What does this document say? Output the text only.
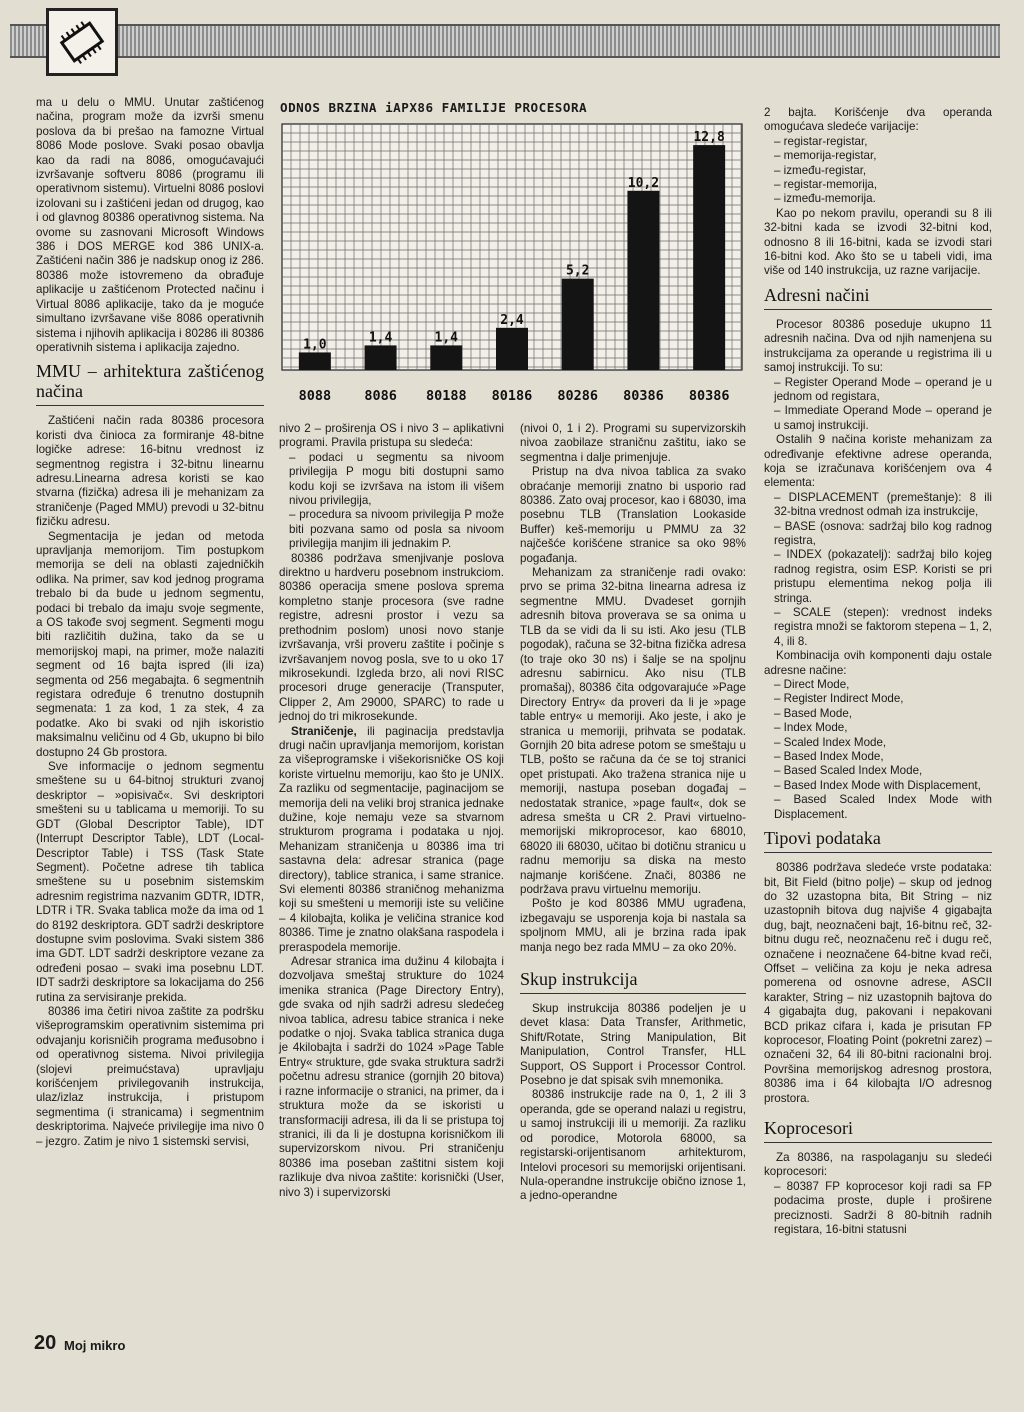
ma u delu o MMU. Unutar zaštićenog načina, program može da izvrši smenu poslova da bi prešao na famozne Virtual 8086 Mode poslove. Svaki posao obavlja kao da radi na 8086, omogućavajući izvršavanje softveru 8086 (programu ili operativnom sistemu). Virtuelni 8086 poslovi izolovani su i zaštićeni jedan od drugog, kao i od glavnog 80386 operativnog sistema. Na ovome su zasnovani Microsoft Windows 386 i DOS MERGE kod 386 UNIX-a. Zaštićeni način 386 je nadskup onog iz 286. 80386 može istovremeno da obrađuje aplikacije u zaštićenom Protected načinu i Virtual 8086 aplikacije, tako da je moguće simultano izvršavane više 8086 operativnih sistema i njihovih aplikacija i 80286 ili 80386 operativnih sistema i aplikacija zajedno.

MMU – arhitektura zaštićenog načina

Zaštićeni način rada 80386 procesora koristi dva činioca za formiranje 48-bitne logičke adrese: 16-bitnu vrednost iz segmentnog registra i 32-bitnu linearnu adresu.Linearna adresa koristi se kao stvarna (fizička) adresa ili je mehanizam za straničenje (Paged MMU) prevodi u 32-bitnu fizičku adresu.

Segmentacija je jedan od metoda upravljanja memorijom. Tim postupkom memorija se deli na oblasti zajedničkih odlika. Na primer, sav kod jednog programa trebalo bi da bude u jednom segmentu, podaci bi trebalo da imaju svoje segmente, a OS takođe svoj segment. Segmenti mogu biti različitih dužina, tako da se u memorijskoj mapi, na primer, može nalaziti segment od 16 bajta ispred (ili iza) segmenta od 256 megabajta. 6 segmentnih registara određuje 6 trenutno dostupnih segmenata: 1 za kod, 1 za stek, 4 za podatke. Ako bi svaki od njih iskoristio maksimalnu veličinu od 4 Gb, ukupno bi bilo dostupno 24 Gb prostora.

Sve informacije o jednom segmentu smeštene su u 64-bitnoj strukturi zvanoj deskriptor – »opisivač«. Svi deskriptori smešteni su u tablicama u memoriji. To su GDT (Global Descriptor Table), IDT (Interrupt Descriptor Table), LDT (Local-Descriptor Table) i TSS (Task State Segment). Početne adrese tih tablica smeštene su u posebnim sistemskim adresnim registrima nazvanim GDTR, IDTR, LDTR i TR. Svaka tablica može da ima od 1 do 8192 deskriptora. GDT sadrži deskriptore dostupne svim poslovima. Svaki sistem 386 ima GDT. LDT sadrži deskriptore vezane za određeni posao – svaki ima posebnu LDT. IDT sadrži deskriptore sa lokacijama do 256 rutina za servisiranje prekida.

80386 ima četiri nivoa zaštite za podršku višeprogramskim operativnim sistemima pri odvajanju korisničih programa međusobno i od operativnog sistema. Nivoi privilegija (slojevi preimućstava) upravljaju korišćenjem privilegovanih instrukcija, ulaz/izlaz instrukcija, i pristupom segmentima (i stranicama) i segmentnim deskriptorima. Najveće privilegije ima nivo 0 – jezgro. Zatim je nivo 1 sistemski servisi,

ODNOS BRZINA iAPX86 FAMILIJE PROCESORA
1,0
8088
1,4
8086
1,4
80188
2,4
80186
5,2
80286
10,2
80386
12,8
80386

nivo 2 – proširenja OS i nivo 3 – aplikativni programi. Pravila pristupa su sledeća:

– podaci u segmentu sa nivoom privilegija P mogu biti dostupni samo kodu koji se izvršava na istom ili višem nivou privilegija,

– procedura sa nivoom privilegija P može biti pozvana samo od posla sa nivoom privilegija manjim ili jednakim P.

80386 podržava smenjivanje poslova direktno u hardveru posebnom instrukciom. 80386 operacija smene poslova sprema kompletno stanje procesora (sve radne registre, adresni prostor i vezu sa prethodnim poslom) unosi novo stanje izvršavanja, vrši proveru zaštite i počinje s izvršavanjem novog posla, sve to u oko 17 mikrosekundi. Izgleda brzo, ali novi RISC procesori druge generacije (Transputer, Clipper 2, Am 29000, SPARC) to rade u jednoj do tri mikrosekunde.

Straničenje, ili paginacija predstavlja drugi način upravljanja memorijom, koristan za višeprogramske i višekorisničke OS koji koriste virtuelnu memoriju, kao što je UNIX. Za razliku od segmentacije, paginacijom se memorija deli na veliki broj stranica jednake dužine, koje nemaju veze sa stvarnom strukturom programa i podataka u njoj. Mehanizam straničenja u 80386 ima tri sastavna dela: adresar stranica (page directory), tablice stranica, i same stranice. Svi elementi 80386 straničnog mehanizma koji su smešteni u memoriji iste su veličine – 4 kilobajta, kolika je veličina stranice kod 80386. Time je znatno olakšana raspodela i preraspodela memorije.

Adresar stranica ima dužinu 4 kilobajta i dozvoljava smeštaj strukture do 1024 imenika stranica (Page Directory Entry), gde svaka od njih sadrži adresu sledećeg nivoa tablica, adresu tabice stranica i neke podatke o njoj. Svaka tablica stranica duga je 4kilobajta i sadrži do 1024 »Page Table Entry« strukture, gde svaka struktura sadrži početnu adresu stranice (gornjih 20 bitova) i razne informacije o stranici, na primer, da i struktura može da se iskoristi u transformaciji adresa, ili da li se pristupa toj stranici, ili da li je dostupna korisničkom ili supervizorskom nivou. Pri straničenju 80386 ima poseban zaštitni sistem koji razlikuje dva nivoa zaštite: korisnički (User, nivo 3) i supervizorski

(nivoi 0, 1 i 2). Programi su supervizorskih nivoa zaobilaze straničnu zaštitu, iako se segmentna i dalje primenjuje.

Pristup na dva nivoa tablica za svako obraćanje memoriji znatno bi usporio rad 80386. Zato ovaj procesor, kao i 68030, ima posebnu TLB (Translation Lookaside Buffer) keš-memoriju u PMMU za 32 najčešće korišćene stranice sa oko 98% pogađanja.

Mehanizam za straničenje radi ovako: prvo se prima 32-bitna linearna adresa iz segmentne MMU. Dvadeset gornjih adresnih bitova proverava se sa onima u TLB da se vidi da li su isti. Ako jesu (TLB pogodak), računa se 32-bitna fizička adresa (to traje oko 30 ns) i šalje se na spoljnu adresnu sabirnicu. Ako nisu (TLB promašaj), 80386 čita odgovarajuće »Page Directory Entry« da proveri da li je »page table entry« u memoriji. Ako jeste, i ako je stranica u memoriji, prihvata se podatak. Gornjih 20 bita adrese potom se smeštaju u TLB, pošto se računa da će se toj stranici opet pristupati. Ako tražena stranica nije u memoriji, nastupa poseban događaj – nedostatak stranice, »page fault«, dok se adresa smešta u CR 2. Pravi virtuelno-memorijski mikroprocesor, kao 68010, 68020 ili 68030, učitao bi dotičnu stranicu u radnu memoriju sa diska na mesto najmanje korišćene. Znači, 80386 ne podržava pravu virtuelnu memoriju.

Pošto je kod 80386 MMU ugrađena, izbegavaju se usporenja koja bi nastala sa spoljnom MMU, ali je brzina rada ipak manja nego bez rada MMU – za oko 20%.

Skup instrukcija

Skup instrukcija 80386 podeljen je u devet klasa: Data Transfer, Arithmetic, Shift/Rotate, String Manipulation, Bit Manipulation, Control Transfer, HLL Support, OS Support i Processor Control. Posebno je dat spisak svih mnemonika.

80386 instrukcije rade na 0, 1, 2 ili 3 operanda, gde se operand nalazi u registru, u samoj instrukciji ili u memoriji. Za razliku od porodice, Motorola 68000, sa registarski-orijentisanom arhitekturom, Intelovi procesori su memorijski orijentisani. Nula-operandne instrukcije obično iznose 1, a jedno-operandne

2 bajta. Korišćenje dva operanda omogućava sledeće varijacije:

– registar-registar,

– memorija-registar,

– između-registar,

– registar-memorija,

– između-memorija.

Kao po nekom pravilu, operandi su 8 ili 32-bitni kada se izvodi 32-bitni kod, odnosno 8 ili 16-bitni, kada se izvodi stari 16-bitni kod. Ako što se u tabeli vidi, ima više od 140 instrukcija, uz razne varijacije.

Adresni načini

Procesor 80386 poseduje ukupno 11 adresnih načina. Dva od njih namenjena su instrukcijama za operande u registrima ili u samoj instrukciji. To su:

– Register Operand Mode – operand je u jednom od registara,

– Immediate Operand Mode – operand je u samoj instrukciji.

Ostalih 9 načina koriste mehanizam za određivanje efektivne adrese operanda, koja se izračunava korišćenjem ova 4 elementa:

– DISPLACEMENT (premeštanje): 8 ili 32-bitna vrednost odmah iza instrukcije,

– BASE (osnova: sadržaj bilo kog radnog registra,

– INDEX (pokazatelj): sadržaj bilo kojeg radnog registra, osim ESP. Koristi se pri pristupu elementima nekog polja ili stringa.

– SCALE (stepen): vrednost indeks registra množi se faktorom stepena – 1, 2, 4, ili 8.

Kombinacija ovih komponenti daju ostale adresne načine:

– Direct Mode,

– Register Indirect Mode,

– Based Mode,

– Index Mode,

– Scaled Index Mode,

– Based Index Mode,

– Based Scaled Index Mode,

– Based Index Mode with Displacement,

– Based Scaled Index Mode with Displacement.

Tipovi podataka

80386 podržava sledeće vrste podataka: bit, Bit Field (bitno polje) – skup od jednog do 32 uzastopna bita, Bit String – niz uzastopnih bitova dug najviše 4 gigabajta dug, bajt, neoznačeni bajt, 16-bitnu reč, 32-bitnu dugu reč, neoznačenu reč i dugu reč, označene i neoznačene 64-bitne kvad reči, Offset – veličina za koju je neka adresa pomerena od osnovne adrese, ASCII karakter, String – niz uzastopnih bajtova do 4 gigabajta dug, pakovani i nepakovani BCD prikaz cifara i, kada je prisutan FP koprocesor, Floating Point (pokretni zarez) – označeni 32, 64 ili 80-bitni racionalni broj. Površina memorijskog adresnog prostora, 80386 ima i 64 kilobajta I/O adresnog prostora.

Koprocesori

Za 80386, na raspolaganju su sledeći koprocesori:

– 80387 FP koprocesor koji radi sa FP podacima proste, duple i proširene preciznosti. Sadrži 8 80-bitnih radnih registara, 16-bitni statusni

20 Moj mikro
